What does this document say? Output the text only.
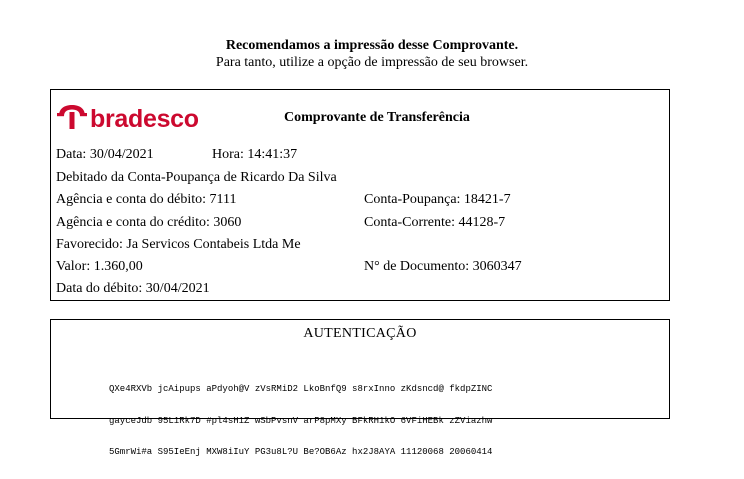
Recomendamos a impressão desse Comprovante.
Para tanto, utilize a opção de impressão de seu browser.
bradesco	Comprovante de Transferência
Data: 30/04/2021	Hora: 14:41:37
Debitado da Conta-Poupança de Ricardo Da Silva
Agência e conta do débito: 7111	Conta-Poupança: 18421-7
Agência e conta do crédito: 3060	Conta-Corrente: 44128-7
Favorecido: Ja Servicos Contabeis Ltda Me
Valor: 1.360,00	N° de Documento: 3060347
Data do débito: 30/04/2021
AUTENTICAÇÃO

QXe4RXVb jcAipups aPdyoh@V zVsRMiD2 LkoBnfQ9 s8rxInno zKdsncd@ fkdpZINC

gayceJdb 95L1Rk7D #pl4sH1Z wSbPvsnV arP8pMXy BFkRH1kO 6VFiHEBk zZViazhw

5GmrWi#a S95IeEnj MXW8iIuY PG3u8L?U Be?OB6Az hx2J8AYA 11120068 20060414
